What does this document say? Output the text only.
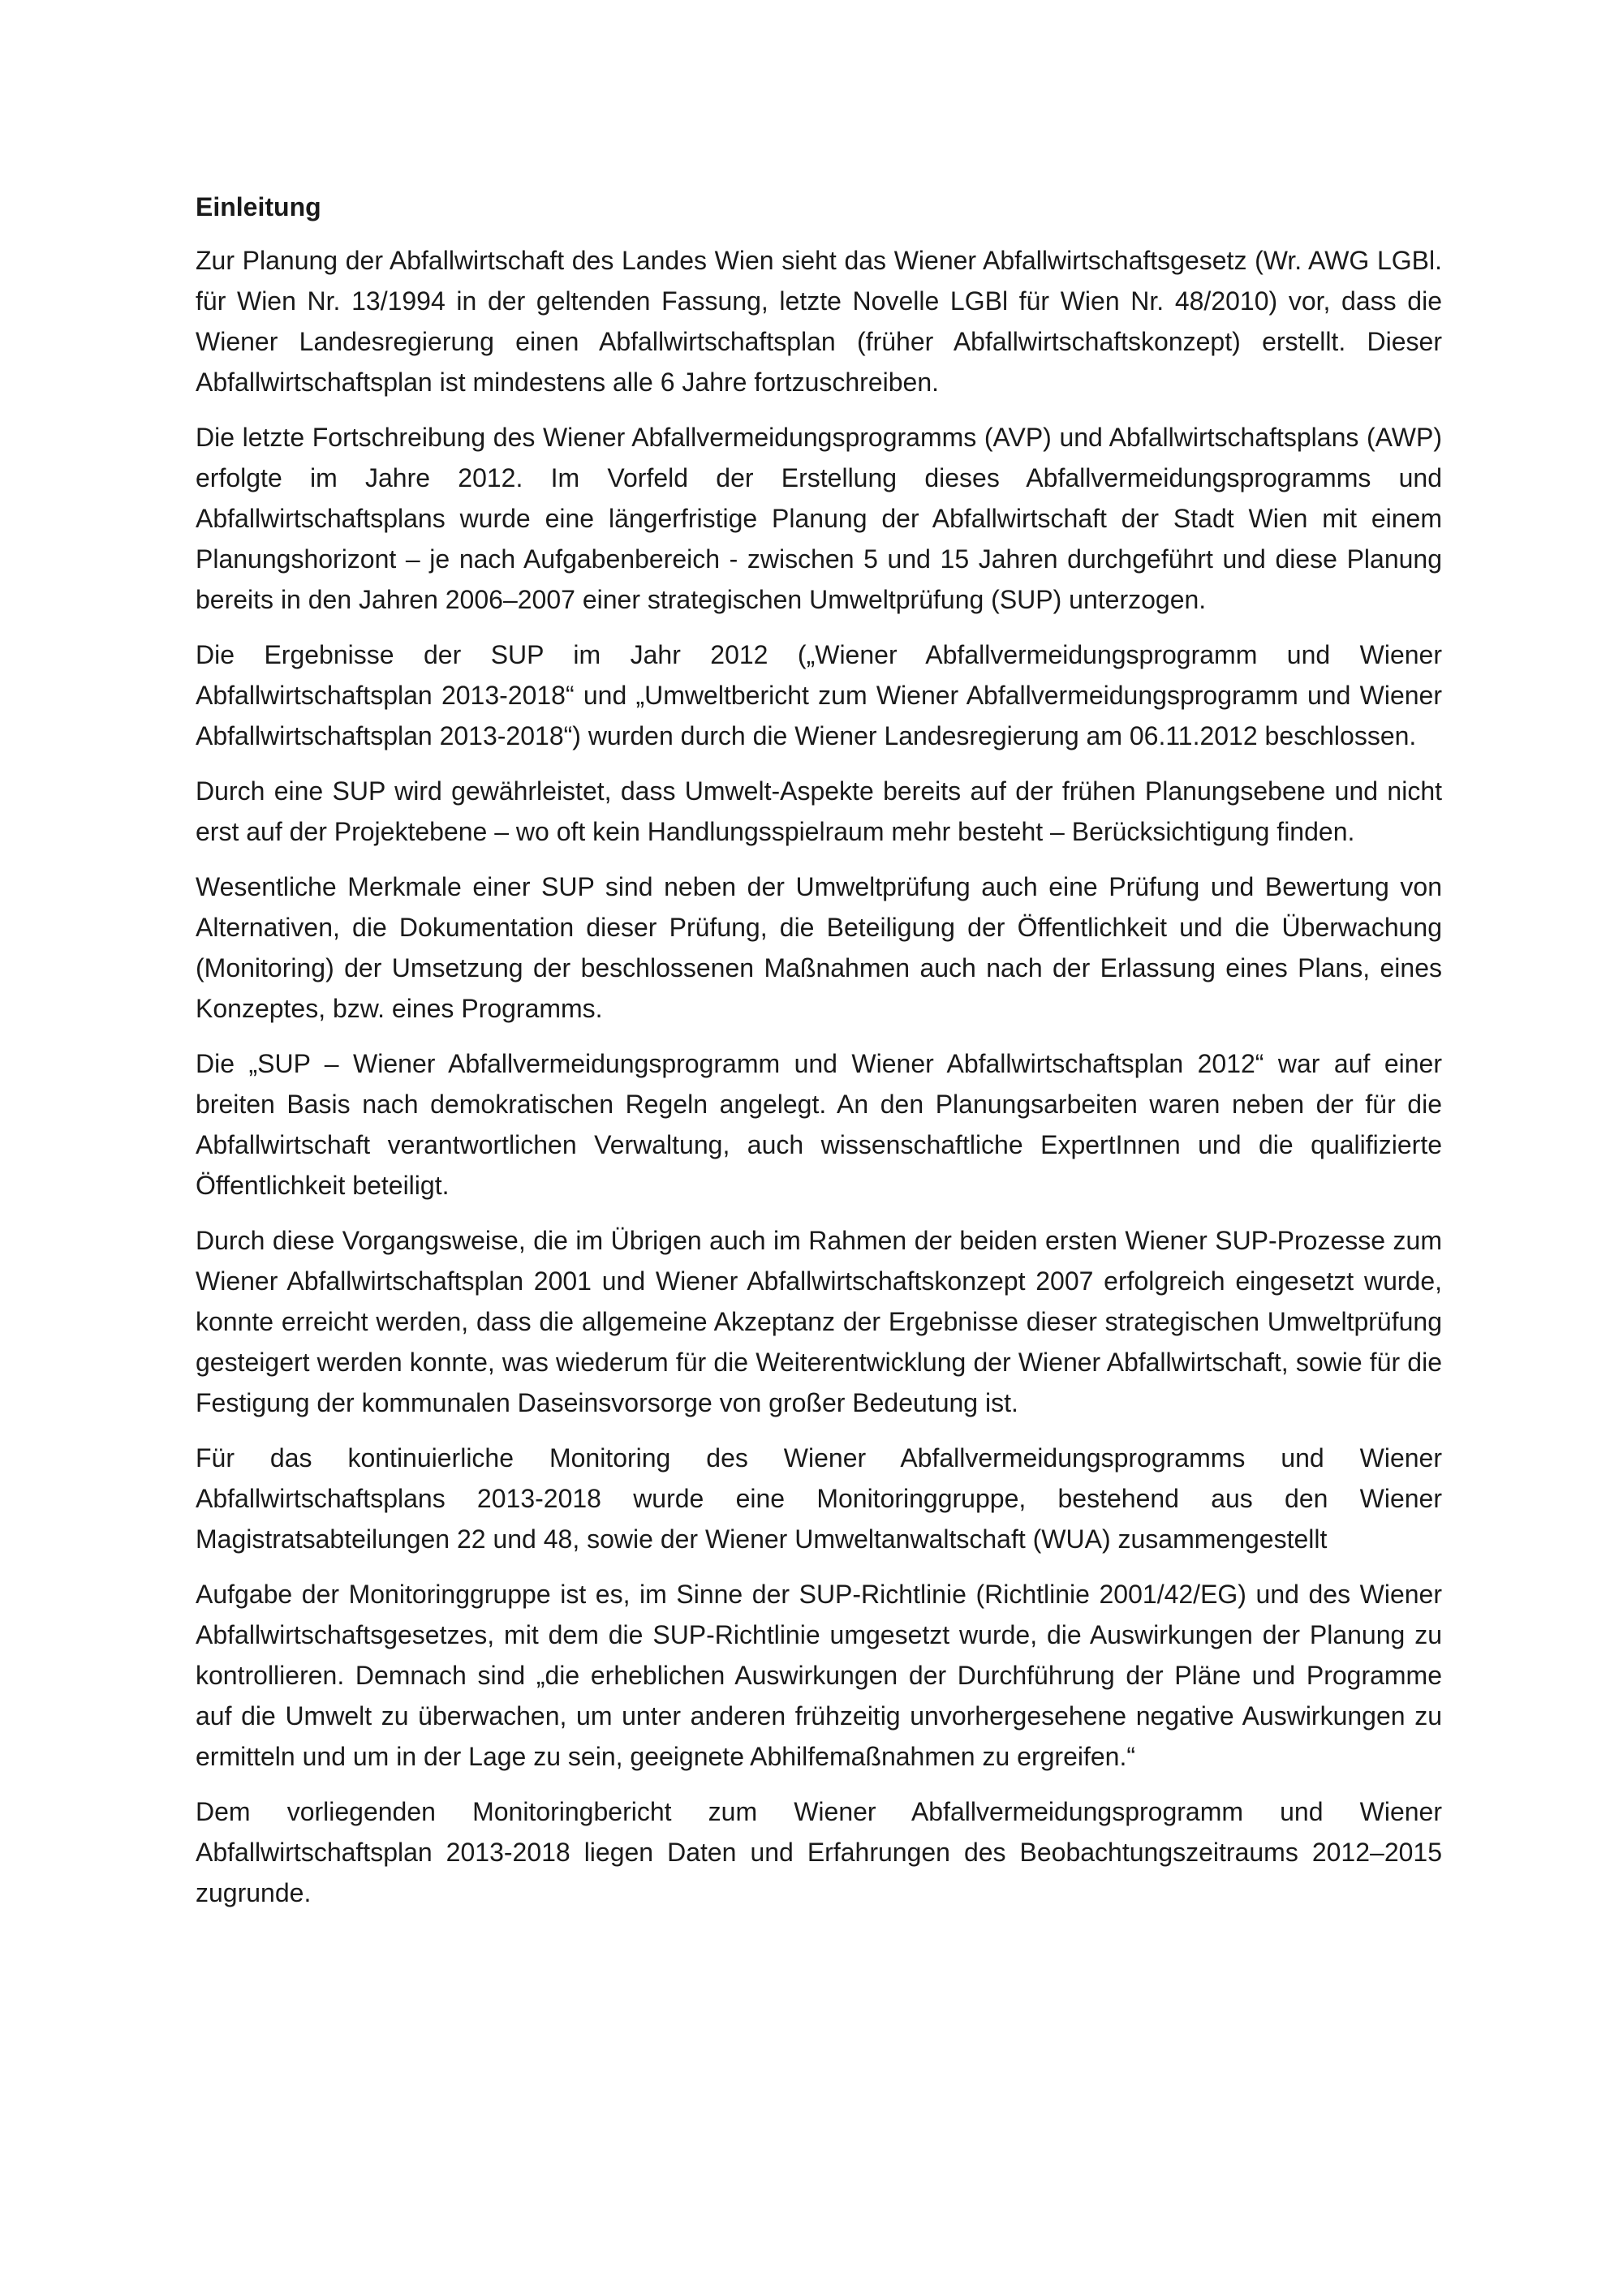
Einleitung

Zur Planung der Abfallwirtschaft des Landes Wien sieht das Wiener Abfallwirtschaftsgesetz (Wr. AWG LGBl. für Wien Nr. 13/1994 in der geltenden Fassung, letzte Novelle LGBl für Wien Nr. 48/2010) vor, dass die Wiener Landesregierung einen Abfallwirtschaftsplan (früher Abfallwirtschaftskonzept) erstellt. Dieser Abfallwirtschaftsplan ist mindestens alle 6 Jahre fortzuschreiben.

Die letzte Fortschreibung des Wiener Abfallvermeidungsprogramms (AVP) und Abfallwirtschaftsplans (AWP) erfolgte im Jahre 2012. Im Vorfeld der Erstellung dieses Abfallvermeidungsprogramms und Abfallwirtschaftsplans wurde eine längerfristige Planung der Abfallwirtschaft der Stadt Wien mit einem Planungshorizont – je nach Aufgabenbereich - zwischen 5 und 15 Jahren durchgeführt und diese Planung bereits in den Jahren 2006–2007 einer strategischen Umweltprüfung (SUP) unterzogen.

Die Ergebnisse der SUP im Jahr 2012 („Wiener Abfallvermeidungsprogramm und Wiener Abfallwirtschaftsplan 2013-2018“ und „Umweltbericht zum Wiener Abfallvermeidungsprogramm und Wiener Abfallwirtschaftsplan 2013-2018“) wurden durch die Wiener Landesregierung am 06.11.2012 beschlossen.

Durch eine SUP wird gewährleistet, dass Umwelt-Aspekte bereits auf der frühen Planungsebene und nicht erst auf der Projektebene – wo oft kein Handlungsspielraum mehr besteht – Berücksichtigung finden.

Wesentliche Merkmale einer SUP sind neben der Umweltprüfung auch eine Prüfung und Bewertung von Alternativen, die Dokumentation dieser Prüfung, die Beteiligung der Öffentlichkeit und die Überwachung (Monitoring) der Umsetzung der beschlossenen Maßnahmen auch nach der Erlassung eines Plans, eines Konzeptes, bzw. eines Programms.

Die „SUP – Wiener Abfallvermeidungsprogramm und Wiener Abfallwirtschaftsplan 2012“ war auf einer breiten Basis nach demokratischen Regeln angelegt. An den Planungsarbeiten waren neben der für die Abfallwirtschaft verantwortlichen Verwaltung, auch wissenschaftliche ExpertInnen und die qualifizierte Öffentlichkeit beteiligt.

Durch diese Vorgangsweise, die im Übrigen auch im Rahmen der beiden ersten Wiener SUP-Prozesse zum Wiener Abfallwirtschaftsplan 2001 und Wiener Abfallwirtschaftskonzept 2007 erfolgreich eingesetzt wurde, konnte erreicht werden, dass die allgemeine Akzeptanz der Ergebnisse dieser strategischen Umweltprüfung gesteigert werden konnte, was wiederum für die Weiterentwicklung der Wiener Abfallwirtschaft, sowie für die Festigung der kommunalen Daseinsvorsorge von großer Bedeutung ist.

Für das kontinuierliche Monitoring des Wiener Abfallvermeidungsprogramms und Wiener Abfallwirtschaftsplans 2013-2018 wurde eine Monitoringgruppe, bestehend aus den Wiener Magistratsabteilungen 22 und 48, sowie der Wiener Umweltanwaltschaft (WUA) zusammengestellt

Aufgabe der Monitoringgruppe ist es, im Sinne der SUP-Richtlinie (Richtlinie 2001/42/EG) und des Wiener Abfallwirtschaftsgesetzes, mit dem die SUP-Richtlinie umgesetzt wurde, die Auswirkungen der Planung zu kontrollieren. Demnach sind „die erheblichen Auswirkungen der Durchführung der Pläne und Programme auf die Umwelt zu überwachen, um unter anderen frühzeitig unvorhergesehene negative Auswirkungen zu ermitteln und um in der Lage zu sein, geeignete Abhilfemaßnahmen zu ergreifen.“

Dem vorliegenden Monitoringbericht zum Wiener Abfallvermeidungsprogramm und Wiener Abfallwirtschaftsplan 2013-2018 liegen Daten und Erfahrungen des Beobachtungszeitraums 2012–2015 zugrunde.
